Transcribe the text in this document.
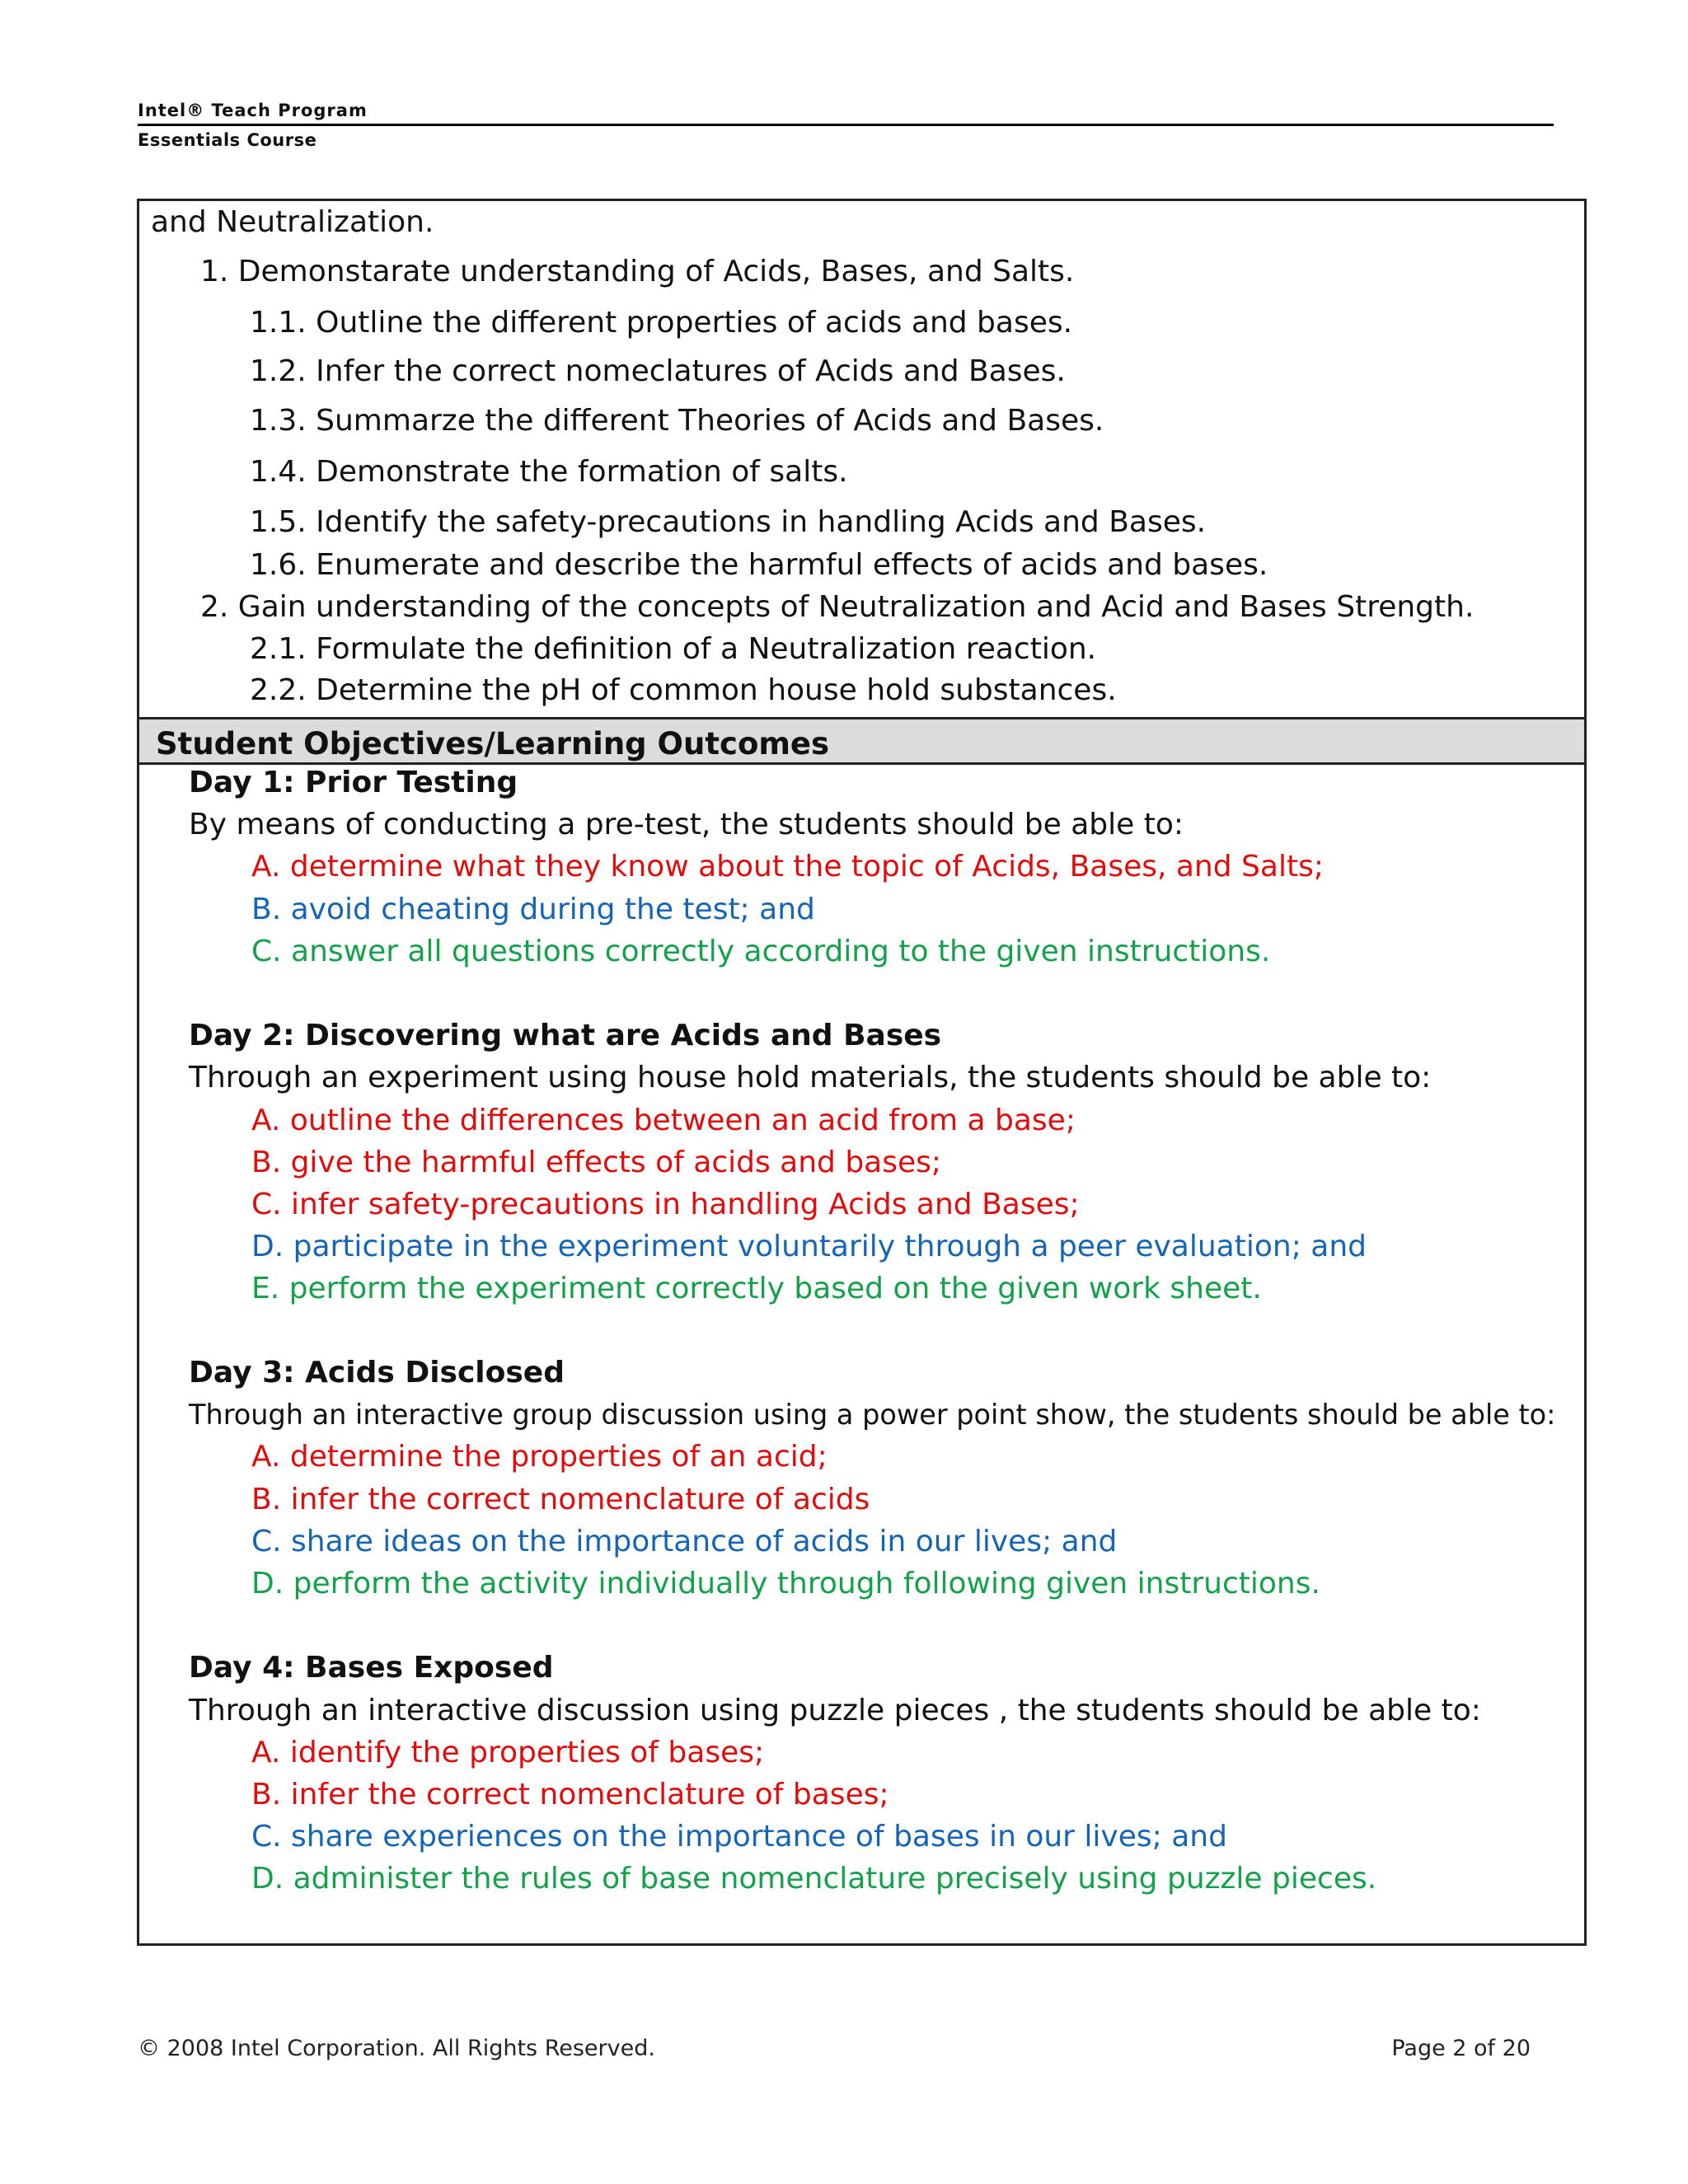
Intel® Teach Program
Essentials Course
and Neutralization.
1. Demonstarate understanding of Acids, Bases, and Salts.
1.1. Outline the different properties of acids and bases.
1.2. Infer the correct nomeclatures of Acids and Bases.
1.3. Summarze the different Theories of Acids and Bases.
1.4. Demonstrate the formation of salts.
1.5. Identify the safety-precautions in handling Acids and Bases.
1.6. Enumerate and describe the harmful effects of acids and bases.
2. Gain understanding of the concepts of Neutralization and Acid and Bases Strength.
2.1. Formulate the definition of a Neutralization reaction.
2.2. Determine the pH of common house hold substances.
Student Objectives/Learning Outcomes
Day 1: Prior Testing
By means of conducting a pre-test, the students should be able to:
A. determine what they know about the topic of Acids, Bases, and Salts;
B. avoid cheating during the test; and
C. answer all questions correctly according to the given instructions.
Day 2: Discovering what are Acids and Bases
Through an experiment using house hold materials, the students should be able to:
A. outline the differences between an acid from a base;
B. give the harmful effects of acids and bases;
C. infer safety-precautions in handling Acids and Bases;
D. participate in the experiment voluntarily through a peer evaluation; and
E. perform the experiment correctly based on the given work sheet.
Day 3: Acids Disclosed
Through an interactive group discussion using a power point show, the students should be able to:
A. determine the properties of an acid;
B. infer the correct nomenclature of acids
C. share ideas on the importance of acids in our lives; and
D. perform the activity individually through following given instructions.
Day 4: Bases Exposed
Through an interactive discussion using puzzle pieces , the students should be able to:
A. identify the properties of bases;
B. infer the correct nomenclature of bases;
C. share experiences on the importance of bases in our lives; and
D. administer the rules of base nomenclature precisely using puzzle pieces.
© 2008 Intel Corporation. All Rights Reserved.	Page 2 of 20
